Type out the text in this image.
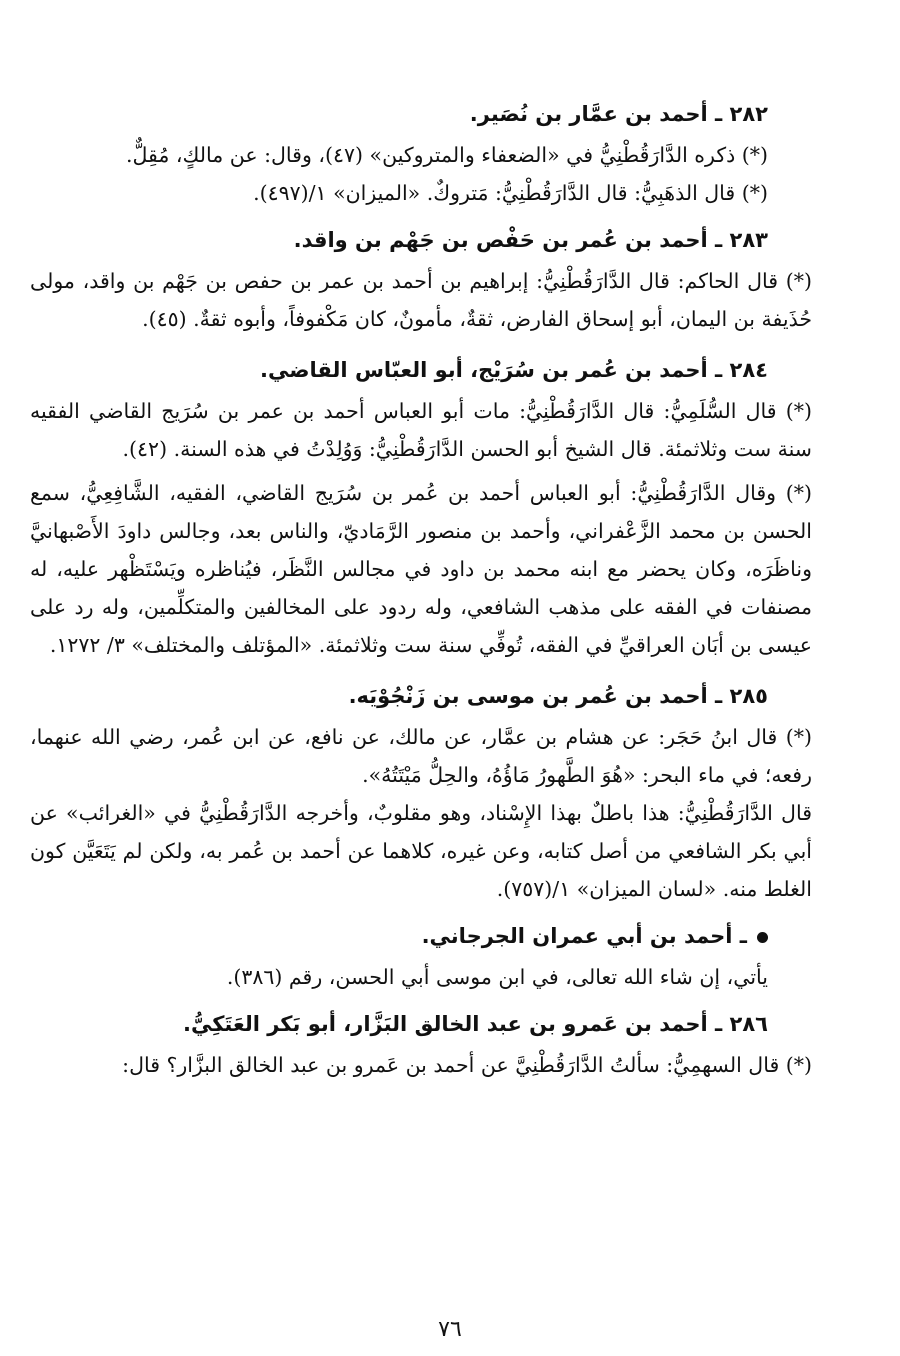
٢٨٢ ـ أحمد بن عمَّار بن نُصَير.

(*) ذكره الدَّارَقُطْنِيُّ في «الضعفاء والمتروكين» (٤٧)، وقال: عن مالكٍ، مُقِلٌّ.

(*) قال الذهَبِيُّ: قال الدَّارَقُطْنِيُّ: مَتروكٌ. «الميزان» ١/(٤٩٧).

٢٨٣ ـ أحمد بن عُمر بن حَفْص بن جَهْم بن واقد.

(*) قال الحاكم: قال الدَّارَقُطْنِيُّ: إبراهيم بن أحمد بن عمر بن حفص بن جَهْم بن واقد، مولى حُذَيفة بن اليمان، أبو إسحاق الفارض، ثقةٌ، مأمونٌ، كان مَكْفوفاً، وأبوه ثقةٌ. (٤٥).

٢٨٤ ـ أحمد بن عُمر بن سُرَيْج، أبو العبّاس القاضي.

(*) قال السُّلَمِيُّ: قال الدَّارَقُطْنِيُّ: مات أبو العباس أحمد بن عمر بن سُرَيج القاضي الفقيه سنة ست وثلاثمئة. قال الشيخ أبو الحسن الدَّارَقُطْنِيُّ: وَوُلِدْتُ في هذه السنة. (٤٢).

(*) وقال الدَّارَقُطْنِيُّ: أبو العباس أحمد بن عُمر بن سُرَيج القاضي، الفقيه، الشَّافِعِيُّ، سمع الحسن بن محمد الزَّعْفراني، وأحمد بن منصور الرَّمَاديّ، والناس بعد، وجالس داودَ الأَصْبهانيَّ وناظَرَه، وكان يحضر مع ابنه محمد بن داود في مجالس النَّظَر، فيُناظره ويَسْتَظْهر عليه، له مصنفات في الفقه على مذهب الشافعي، وله ردود على المخالفين والمتكلِّمين، وله رد على عيسى بن أبَان العراقيِّ في الفقه، تُوفِّي سنة ست وثلاثمئة. «المؤتلف والمختلف» ٣/ ١٢٧٢.

٢٨٥ ـ أحمد بن عُمر بن موسى بن زَنْجُوْيَه.

(*) قال ابنُ حَجَر: عن هشام بن عمَّار، عن مالك، عن نافع، عن ابن عُمر، رضي الله عنهما، رفعه؛ في ماء البحر: «هُوَ الطَّهورُ مَاؤُهُ، والحِلُّ مَيْتَتُهُ».

قال الدَّارَقُطْنِيُّ: هذا باطلٌ بهذا الإِسْناد، وهو مقلوبٌ، وأخرجه الدَّارَقُطْنِيُّ في «الغرائب» عن أبي بكر الشافعي من أصل كتابه، وعن غيره، كلاهما عن أحمد بن عُمر به، ولكن لم يَتَعَيَّن كون الغلط منه. «لسان الميزان» ١/(٧٥٧).

ـ أحمد بن أبي عمران الجرجاني.

يأتي، إن شاء الله تعالى، في ابن موسى أبي الحسن، رقم (٣٨٦).

٢٨٦ ـ أحمد بن عَمرو بن عبد الخالق البَزَّار، أبو بَكر العَتَكِيُّ.

(*) قال السهمِيُّ: سألتُ الدَّارَقُطْنِيَّ عن أحمد بن عَمرو بن عبد الخالق البزَّار؟ قال:

٧٦
